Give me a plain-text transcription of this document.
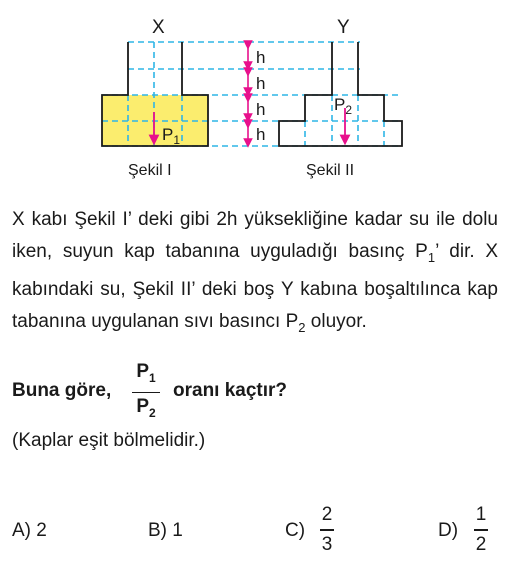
X	Y
h
h
h
h
$P_1$
$P_2$
Şekil I	Şekil II
X kabı Şekil I’ deki gibi 2h yüksekliğine kadar su ile dolu iken, suyun kap tabanına uyguladığı basınç $P_1$’ dir. X kabındaki su, Şekil II’ deki boş Y kabına boşaltılınca kap tabanına uygulanan sıvı basıncı $P_2$ oluyor.
Buna göre,
$P_1$
$P_2$
oranı kaçtır?
(Kaplar eşit bölmelidir.)
A) 2	B) 1	C)
2
3
D)
1
2
